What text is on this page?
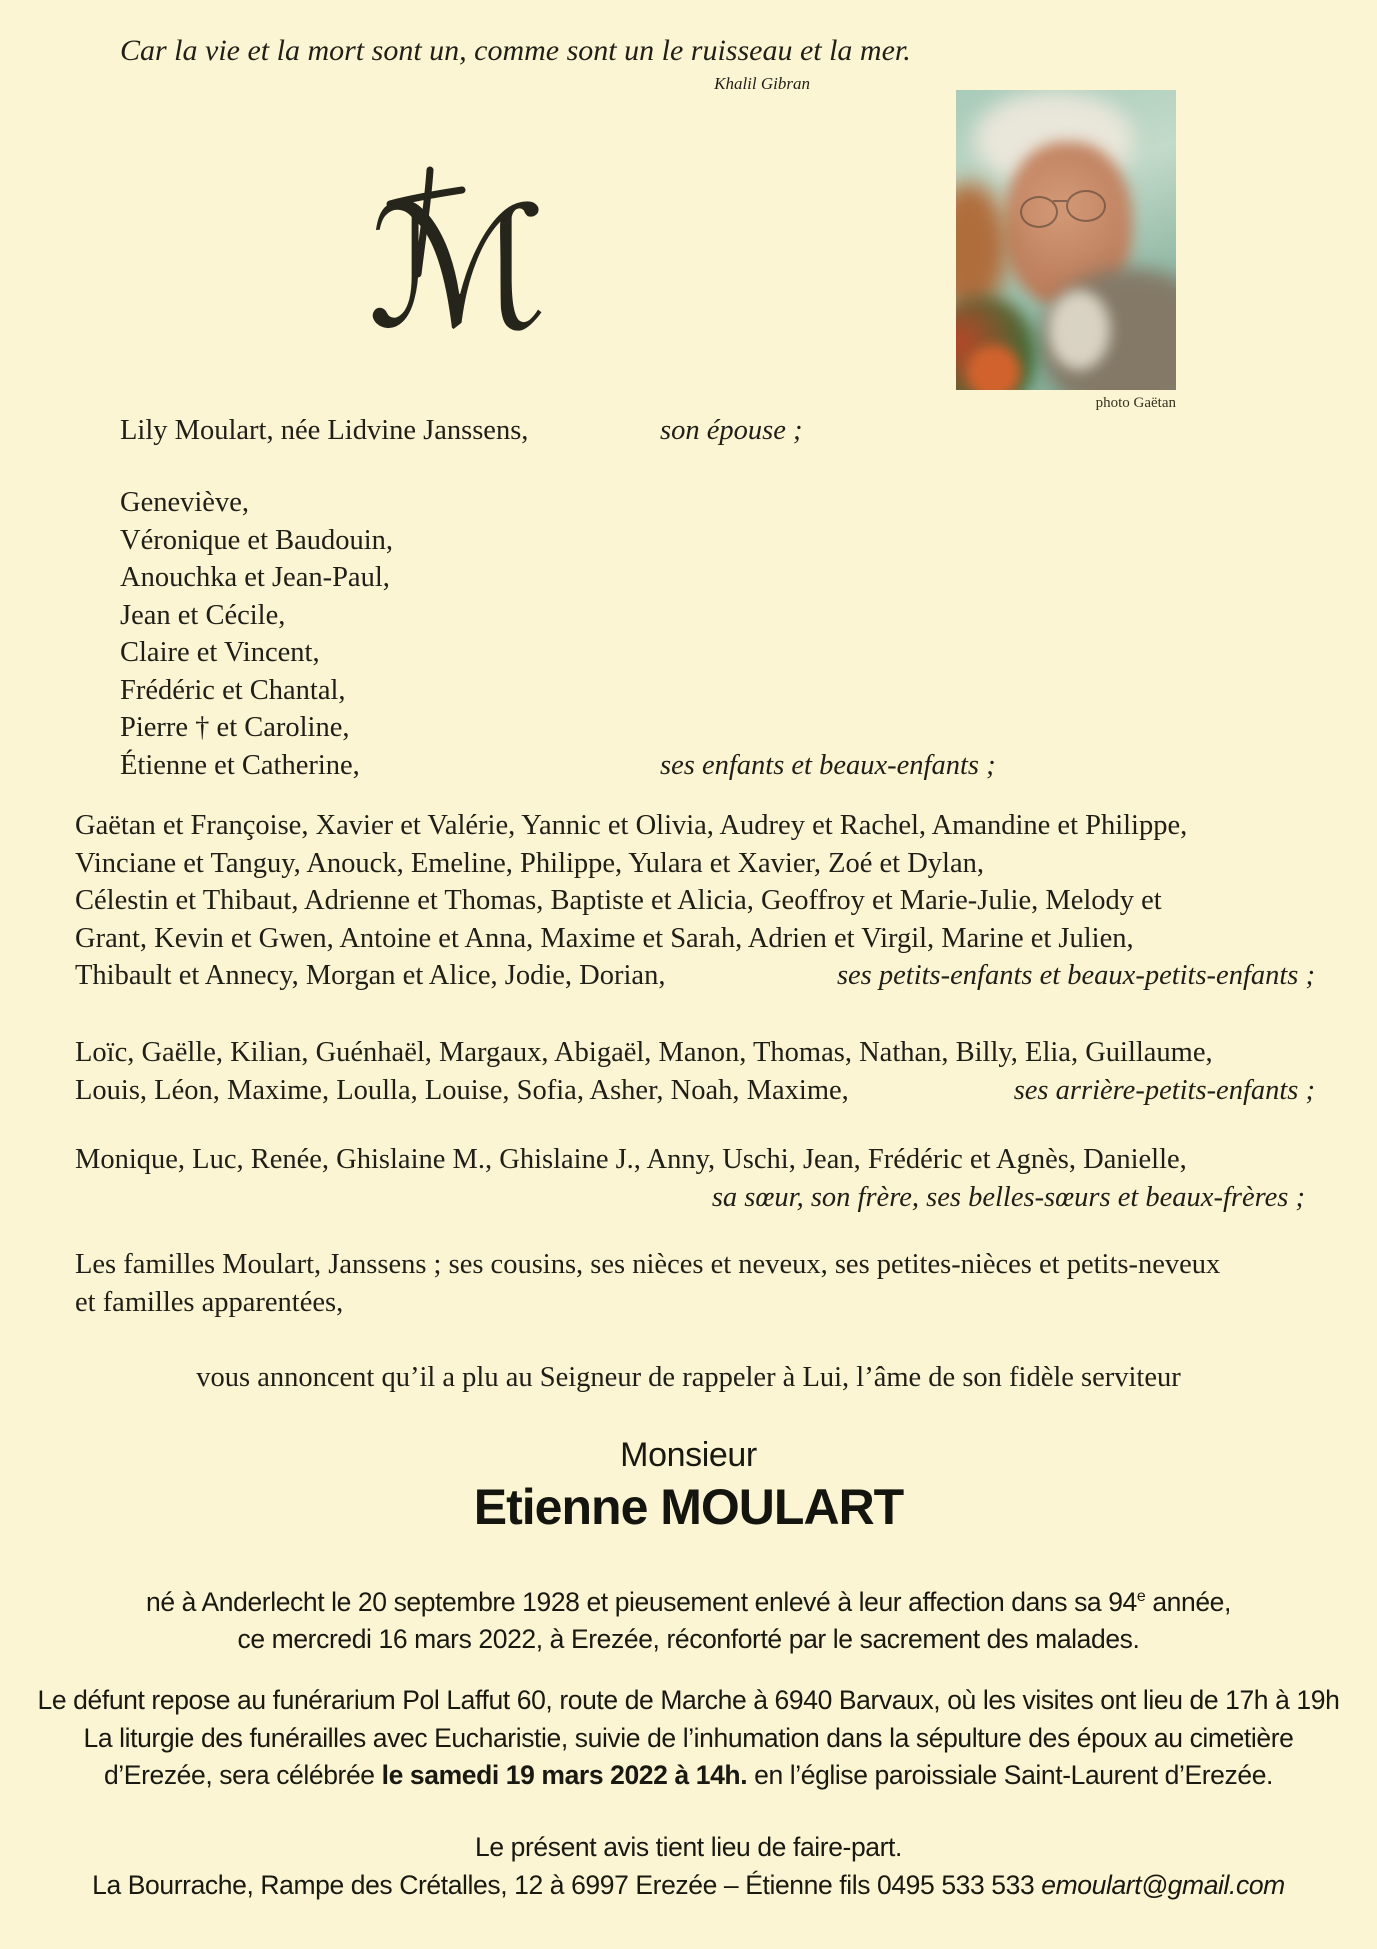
Car la vie et la mort sont un, comme sont un le ruisseau et la mer.
Khalil Gibran
ℳ
photo Gaëtan
Lily Moulart, née Lidvine Janssens,	son épouse ;
Geneviève,
Véronique et Baudouin,
Anouchka et Jean-Paul,
Jean et Cécile,
Claire et Vincent,
Frédéric et Chantal,
Pierre † et Caroline,
Étienne et Catherine,	ses enfants et beaux-enfants ;
Gaëtan et Françoise, Xavier et Valérie, Yannic et Olivia, Audrey et Rachel, Amandine et Philippe,
Vinciane et Tanguy, Anouck, Emeline, Philippe, Yulara et Xavier, Zoé et Dylan,
Célestin et Thibaut, Adrienne et Thomas, Baptiste et Alicia, Geoffroy et Marie-Julie, Melody et
Grant, Kevin et Gwen, Antoine et Anna, Maxime et Sarah, Adrien et Virgil, Marine et Julien,
Thibault et Annecy, Morgan et Alice, Jodie, Dorian,	ses petits-enfants et beaux-petits-enfants ;
Loïc, Gaëlle, Kilian, Guénhaël, Margaux, Abigaël, Manon, Thomas, Nathan, Billy, Elia, Guillaume,
Louis, Léon, Maxime, Loulla, Louise, Sofia, Asher, Noah, Maxime,	ses arrière-petits-enfants ;
Monique, Luc, Renée, Ghislaine M., Ghislaine J., Anny, Uschi, Jean, Frédéric et Agnès, Danielle,
sa sœur, son frère, ses belles-sœurs et beaux-frères ;
Les familles Moulart, Janssens ; ses cousins, ses nièces et neveux, ses petites-nièces et petits-neveux
et familles apparentées,
vous annoncent qu’il a plu au Seigneur de rappeler à Lui, l’âme de son fidèle serviteur
Monsieur
Etienne MOULART
né à Anderlecht le 20 septembre 1928 et pieusement enlevé à leur affection dans sa 94e année,
ce mercredi 16 mars 2022, à Erezée, réconforté par le sacrement des malades.
Le défunt repose au funérarium Pol Laffut 60, route de Marche à 6940 Barvaux, où les visites ont lieu de 17h à 19h
La liturgie des funérailles avec Eucharistie, suivie de l’inhumation dans la sépulture des époux au cimetière
d’Erezée, sera célébrée le samedi 19 mars 2022 à 14h. en l’église paroissiale Saint-Laurent d’Erezée.
Le présent avis tient lieu de faire-part.
La Bourrache, Rampe des Crétalles, 12 à 6997 Erezée – Étienne fils 0495 533 533 emoulart@gmail.com
